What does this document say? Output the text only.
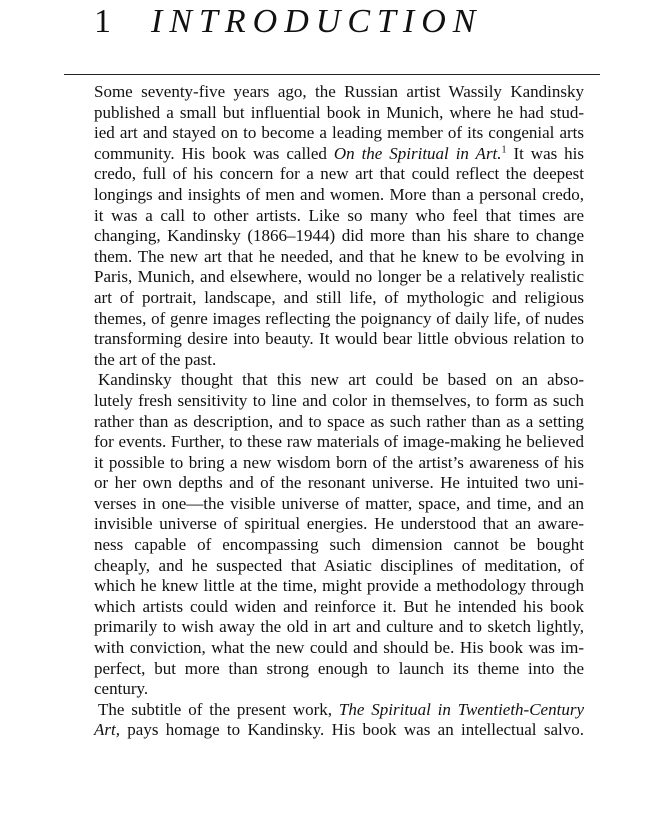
1 INTRODUCTION

Some seventy-five years ago, the Russian artist Wassily Kandinsky
published a small but influential book in Munich, where he had stud-
ied art and stayed on to become a leading member of its congenial arts
community. His book was called On the Spiritual in Art.$^1$ It was his
credo, full of his concern for a new art that could reflect the deepest
longings and insights of men and women. More than a personal credo,
it was a call to other artists. Like so many who feel that times are
changing, Kandinsky (1866–1944) did more than his share to change
them. The new art that he needed, and that he knew to be evolving in
Paris, Munich, and elsewhere, would no longer be a relatively realistic
art of portrait, landscape, and still life, of mythologic and religious
themes, of genre images reflecting the poignancy of daily life, of nudes
transforming desire into beauty. It would bear little obvious relation to
the art of the past.

Kandinsky thought that this new art could be based on an abso-
lutely fresh sensitivity to line and color in themselves, to form as such
rather than as description, and to space as such rather than as a setting
for events. Further, to these raw materials of image-making he believed
it possible to bring a new wisdom born of the artist’s awareness of his
or her own depths and of the resonant universe. He intuited two uni-
verses in one—the visible universe of matter, space, and time, and an
invisible universe of spiritual energies. He understood that an aware-
ness capable of encompassing such dimension cannot be bought
cheaply, and he suspected that Asiatic disciplines of meditation, of
which he knew little at the time, might provide a methodology through
which artists could widen and reinforce it. But he intended his book
primarily to wish away the old in art and culture and to sketch lightly,
with conviction, what the new could and should be. His book was im-
perfect, but more than strong enough to launch its theme into the
century.

The subtitle of the present work, The Spiritual in Twentieth-Century
Art, pays homage to Kandinsky. His book was an intellectual salvo.
